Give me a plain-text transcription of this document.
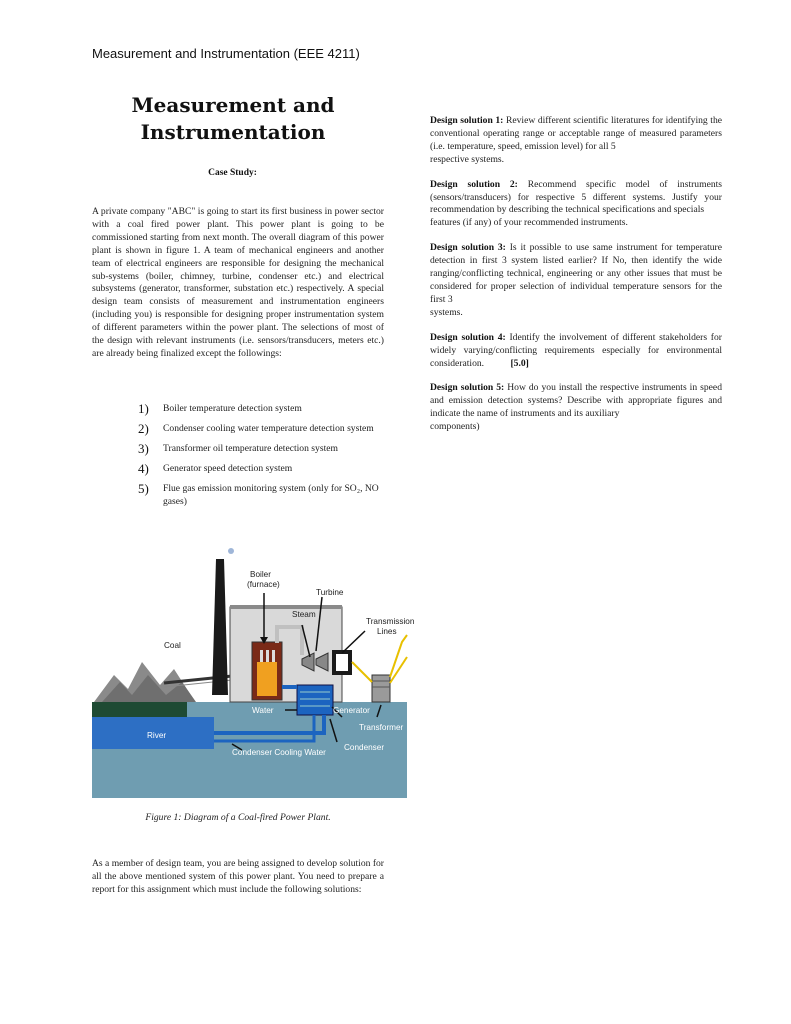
Measurement and Instrumentation (EEE 4211)
Measurement and
Instrumentation
Case Study:
A private company "ABC" is going to start its first business in power sector with a coal fired power plant. This power plant is going to be commissioned starting from next month. The overall diagram of this power plant is shown in figure 1. A team of mechanical engineers and another team of electrical engineers are responsible for designing the mechanical sub-systems (boiler, chimney, turbine, condenser etc.) and electrical subsystems (generator, transformer, substation etc.) respectively. A special design team consists of measurement and instrumentation engineers (including you) is responsible for designing proper instrumentation system of different parameters within the power plant. The selections of most of the design with relevant instruments (i.e. sensors/transducers, meters etc.) are already being finalized except the followings:
1)	Boiler temperature detection system
2)	Condenser cooling water temperature detection system
3)	Transformer oil temperature detection system
4)	Generator speed detection system
5)	Flue gas emission monitoring system (only for SO₂, NO gases)
Boiler
(furnace)
Turbine
Steam
Transmission
Lines
Coal
Water	Generator
Transformer
River
Condenser
Condenser Cooling Water
Figure 1: Diagram of a Coal-fired Power Plant.
As a member of design team, you are being assigned to develop solution for all the above mentioned system of this power plant. You need to prepare a report for this assignment which must include the following solutions:
Design solution 1: Review different scientific literatures for identifying the conventional operating range or acceptable range of measured parameters (i.e. temperature, speed, emission level) for all 5
respective systems.
Design solution 2: Recommend specific model of instruments (sensors/transducers) for respective 5 different systems. Justify your recommendation by describing the technical specifications and specials
features (if any) of your recommended instruments.
Design solution 3: Is it possible to use same instrument for temperature detection in first 3 system listed earlier? If No, then identify the wide ranging/conflicting technical, engineering or any other issues that must be considered for proper selection of individual temperature sensors for the first 3
systems.
Design solution 4: Identify the involvement of different stakeholders for widely varying/conflicting requirements especially for environmental consideration.	[5.0]
Design solution 5: How do you install the respective instruments in speed and emission detection systems? Describe with appropriate figures and indicate the name of instruments and its auxiliary
components)
